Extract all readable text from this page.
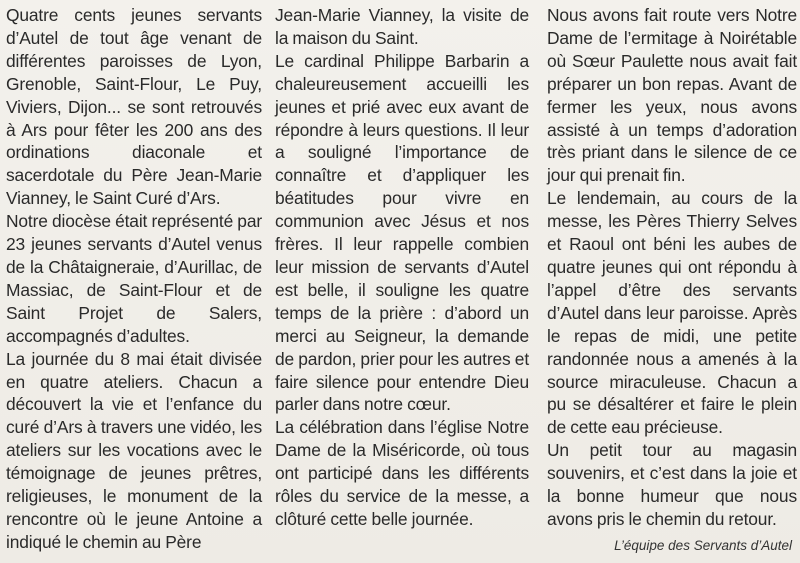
Quatre cents jeunes servants d’Autel de tout âge venant de différentes paroisses de Lyon, Grenoble, Saint-Flour, Le Puy, Viviers, Dijon... se sont retrouvés à Ars pour fêter les 200 ans des ordinations diaconale et sacerdotale du Père Jean-Marie Vianney, le Saint Curé d’Ars.

Notre diocèse était représenté par 23 jeunes servants d’Autel venus de la Châtaigneraie, d’Aurillac, de Massiac, de Saint-Flour et de Saint Projet de Salers, accompagnés d’adultes.

La journée du 8 mai était divisée en quatre ateliers. Chacun a découvert la vie et l’enfance du curé d’Ars à travers une vidéo, les ateliers sur les vocations avec le témoignage de jeunes prêtres, religieuses, le monument de la rencontre où le jeune Antoine a indiqué le chemin au Père

Jean-Marie Vianney, la visite de la maison du Saint.

Le cardinal Philippe Barbarin a chaleureusement accueilli les jeunes et prié avec eux avant de répondre à leurs questions. Il leur a souligné l’importance de connaître et d’appliquer les béatitudes pour vivre en communion avec Jésus et nos frères. Il leur rappelle combien leur mission de servants d’Autel est belle, il souligne les quatre temps de la prière : d’abord un merci au Seigneur, la demande de pardon, prier pour les autres et faire silence pour entendre Dieu parler dans notre cœur.

La célébration dans l’église Notre Dame de la Miséricorde, où tous ont participé dans les différents rôles du service de la messe, a clôturé cette belle journée.

Nous avons fait route vers Notre Dame de l’ermitage à Noirétable où Sœur Paulette nous avait fait préparer un bon repas. Avant de fermer les yeux, nous avons assisté à un temps d’adoration très priant dans le silence de ce jour qui prenait fin.

Le lendemain, au cours de la messe, les Pères Thierry Selves et Raoul ont béni les aubes de quatre jeunes qui ont répondu à l’appel d’être des servants d’Autel dans leur paroisse. Après le repas de midi, une petite randonnée nous a amenés à la source miraculeuse. Chacun a pu se désaltérer et faire le plein de cette eau précieuse.

Un petit tour au magasin souvenirs, et c’est dans la joie et la bonne humeur que nous avons pris le chemin du retour.

L’équipe des Servants d’Autel
